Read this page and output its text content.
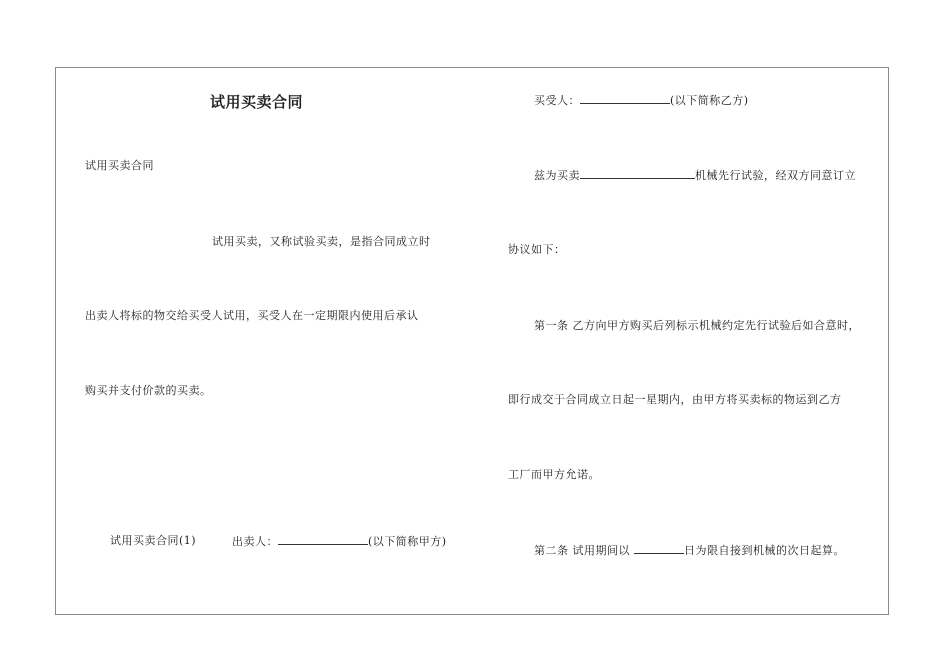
试用买卖合同
试用买卖合同
试用买卖，又称试验买卖，是指合同成立时
出卖人将标的物交给买受人试用，买受人在一定期限内使用后承认
购买并支付价款的买卖。
试用买卖合同(1)	出卖人：	(以下简称甲方)
买受人：	(以下简称乙方)
兹为买卖	机械先行试验，经双方同意订立
协议如下：
第一条 乙方向甲方购买后列标示机械约定先行试验后如合意时，
即行成交于合同成立日起一星期内，由甲方将买卖标的物运到乙方
工厂而甲方允诺。
第二条 试用期间以	日为限自接到机械的次日起算。
